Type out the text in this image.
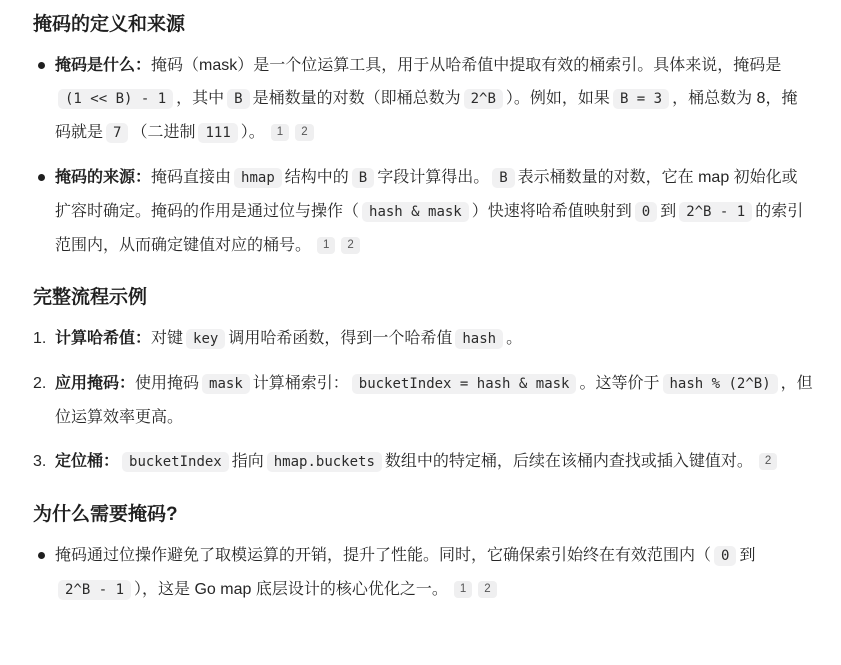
掩码的定义和来源
掩码是什么：掩码（mask）是一个位运算工具，用于从哈希值中提取有效的桶索引。具体来说，掩码是(1 << B) - 1 ，其中 B 是桶数量的对数（即桶总数为 2^B ）。例如，如果 B = 3 ，桶总数为 8，掩码就是 7 （二进制 111 ）。 1 2
掩码的来源：掩码直接由 hmap 结构中的 B 字段计算得出。 B 表示桶数量的对数，它在 map 初始化或扩容时确定。掩码的作用是通过位与操作（ hash & mask ）快速将哈希值映射到 0 到 2^B - 1 的索引范围内，从而确定键值对应的桶号。 1 2
完整流程示例
1. 计算哈希值：对键 key 调用哈希函数，得到一个哈希值 hash 。
2. 应用掩码：使用掩码 mask 计算桶索引： bucketIndex = hash & mask 。这等价于 hash % (2^B) ，但位运算效率更高。
3. 定位桶： bucketIndex 指向 hmap.buckets 数组中的特定桶，后续在该桶内查找或插入键值对。 2
为什么需要掩码?
掩码通过位操作避免了取模运算的开销，提升了性能。同时，它确保索引始终在有效范围内（ 0 到2^B - 1 ），这是 Go map 底层设计的核心优化之一。 1 2
